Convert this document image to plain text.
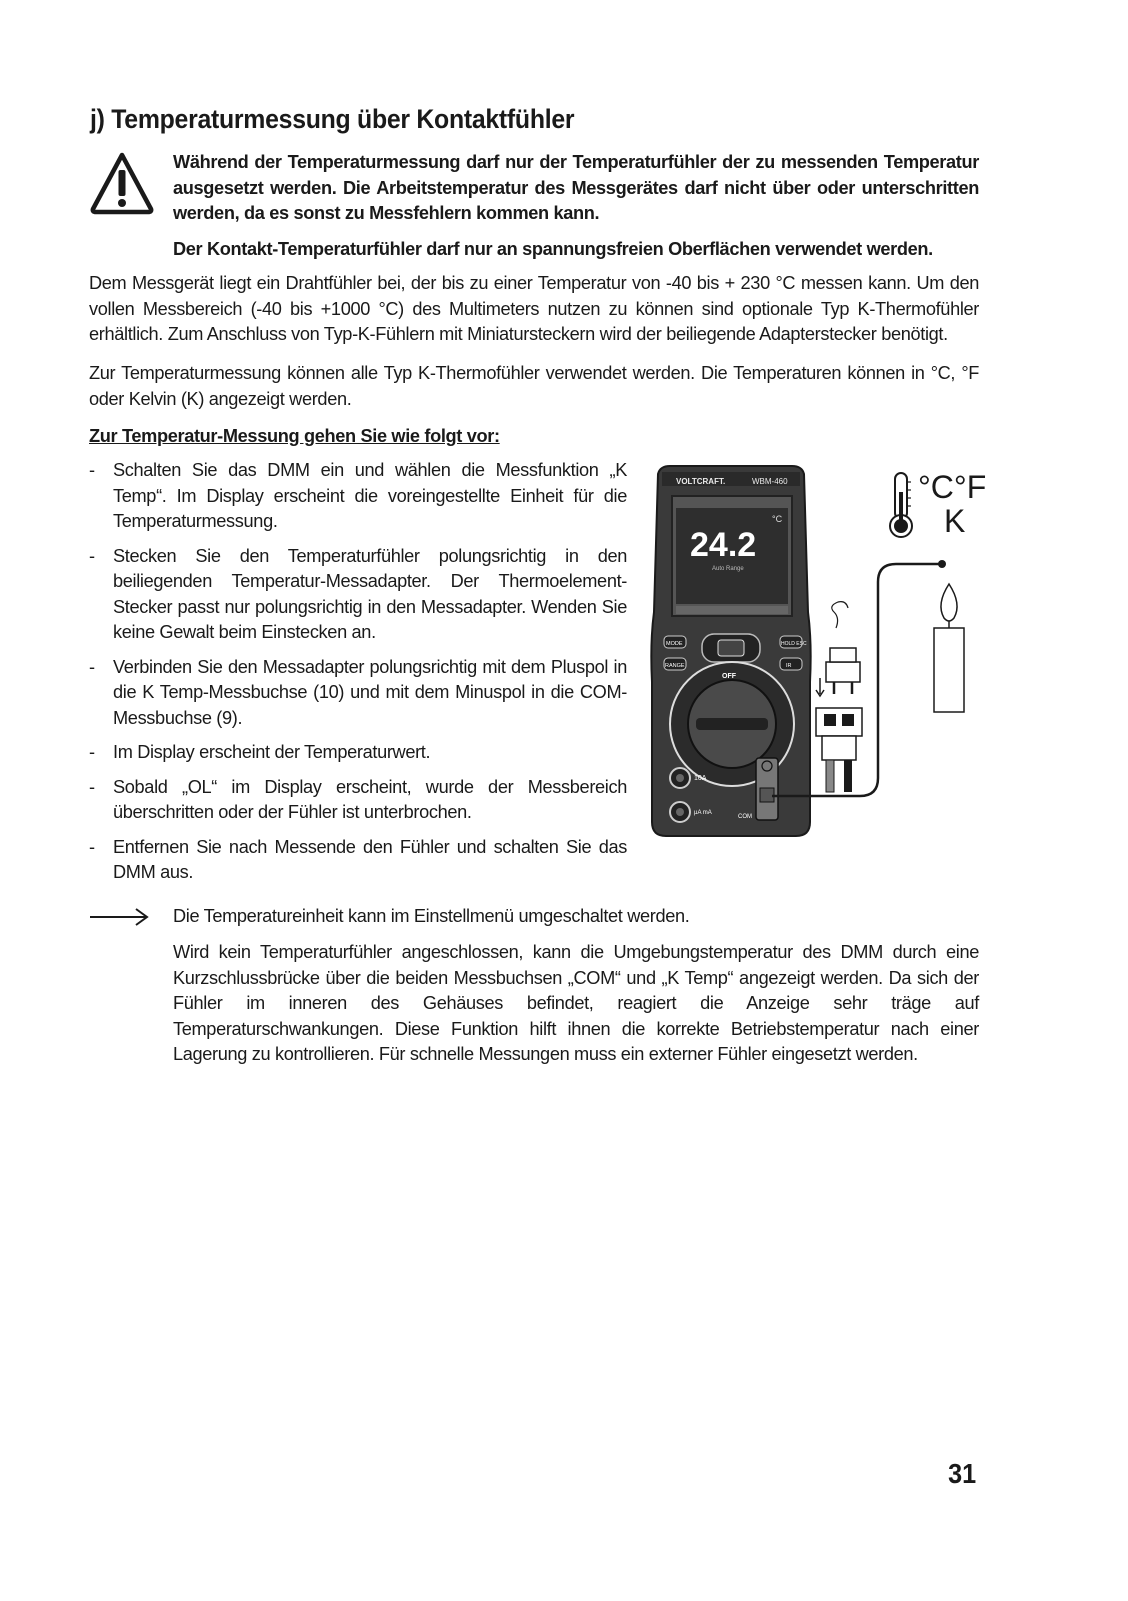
j) Temperaturmessung über Kontaktfühler
Während der Temperaturmessung darf nur der Temperaturfühler der zu messenden Temperatur ausgesetzt werden. Die Arbeitstemperatur des Messgerätes darf nicht über oder unterschritten werden, da es sonst zu Messfehlern kommen kann.
Der Kontakt-Temperaturfühler darf nur an spannungsfreien Oberflächen verwendet werden.
Dem Messgerät liegt ein Drahtfühler bei, der bis zu einer Temperatur von -40 bis + 230 °C messen kann. Um den vollen Messbereich (-40 bis +1000 °C) des Multimeters nutzen zu können sind optionale Typ K-Thermofühler erhältlich. Zum Anschluss von Typ-K-Fühlern mit Miniatursteckern wird der beiliegende Adapterstecker benötigt.
Zur Temperaturmessung können alle Typ K-Thermofühler verwendet werden. Die Temperaturen können in °C, °F oder Kelvin (K) angezeigt werden.
Zur Temperatur-Messung gehen Sie wie folgt vor:
- Schalten Sie das DMM ein und wählen die Messfunktion „K Temp“. Im Display erscheint die voreingestellte Einheit für die Temperaturmessung.
- Stecken Sie den Temperaturfühler polungsrichtig in den beiliegenden Temperatur-Messadapter. Der Thermoelement-Stecker passt nur polungsrichtig in den Messadapter. Wenden Sie keine Gewalt beim Einstecken an.
- Verbinden Sie den Messadapter polungsrichtig mit dem Pluspol in die K Temp-Messbuchse (10) und mit dem Minuspol in die COM-Messbuchse (9).
- Im Display erscheint der Temperaturwert.
- Sobald „OL“ im Display erscheint, wurde der Messbereich überschritten oder der Fühler ist unterbrochen.
- Entfernen Sie nach Messende den Fühler und schalten Sie das DMM aus.
VOLTCRAFT.	WBM-460
24.2
°C
Auto Range
MODE
RANGE
HOLD ESC
IR
OFF
10A
µA mA
COM
°C°F
K
Die Temperatureinheit kann im Einstellmenü umgeschaltet werden.
Wird kein Temperaturfühler angeschlossen, kann die Umgebungstemperatur des DMM durch eine Kurzschlussbrücke über die beiden Messbuchsen „COM“ und „K Temp“ angezeigt werden. Da sich der Fühler im inneren des Gehäuses befindet, reagiert die Anzeige sehr träge auf Temperaturschwankungen. Diese Funktion hilft ihnen die korrekte Betriebstemperatur nach einer Lagerung zu kontrollieren. Für schnelle Messungen muss ein externer Fühler eingesetzt werden.
31
